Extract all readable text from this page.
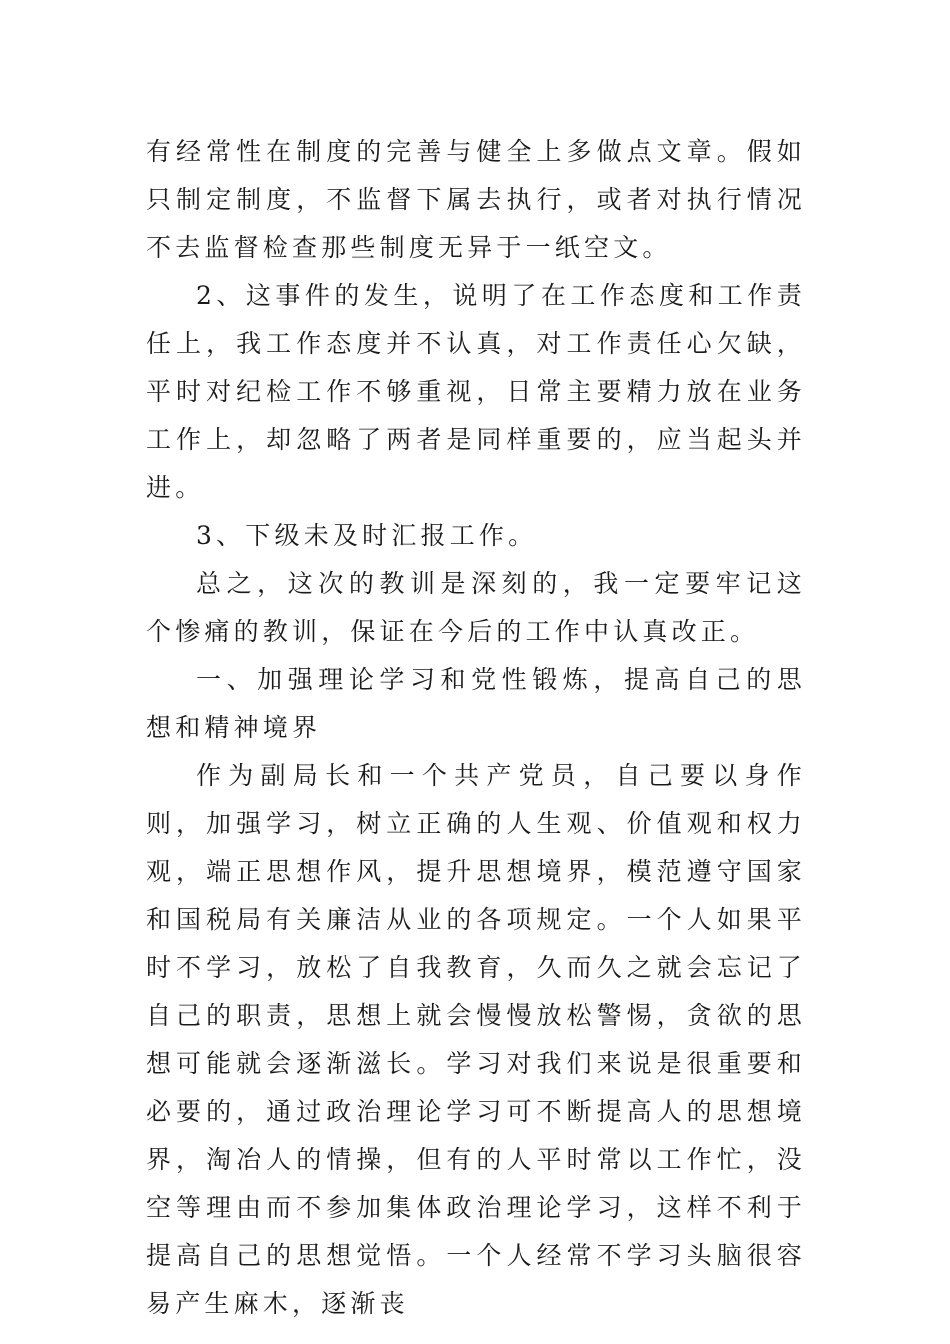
有经常性在制度的完善与健全上多做点文章。假如只制定制度，不监督下属去执行，或者对执行情况不去监督检查那些制度无异于一纸空文。

2、这事件的发生，说明了在工作态度和工作责任上，我工作态度并不认真，对工作责任心欠缺，平时对纪检工作不够重视，日常主要精力放在业务工作上，却忽略了两者是同样重要的，应当起头并进。

3、下级未及时汇报工作。

总之，这次的教训是深刻的，我一定要牢记这个惨痛的教训，保证在今后的工作中认真改正。

一、加强理论学习和党性锻炼，提高自己的思想和精神境界

作为副局长和一个共产党员，自己要以身作则，加强学习，树立正确的人生观、价值观和权力观，端正思想作风，提升思想境界，模范遵守国家和国税局有关廉洁从业的各项规定。一个人如果平时不学习，放松了自我教育，久而久之就会忘记了自己的职责，思想上就会慢慢放松警惕，贪欲的思想可能就会逐渐滋长。学习对我们来说是很重要和必要的，通过政治理论学习可不断提高人的思想境界，淘冶人的情操，但有的人平时常以工作忙，没空等理由而不参加集体政治理论学习，这样不利于提高自己的思想觉悟。一个人经常不学习头脑很容易产生麻木，逐渐丧
